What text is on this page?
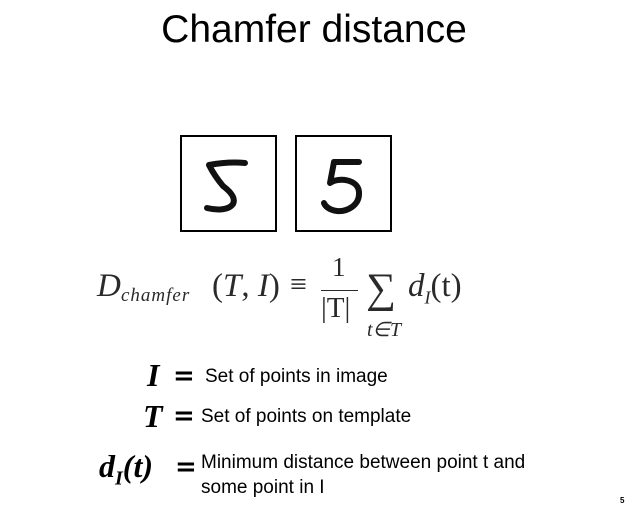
Chamfer distance
D chamfer (T, I) ≡
1
|T| ∑
t∈T
$d_I(t)$
I = Set of points in image
T = Set of points on template
$d_I(t)$ = Minimum distance between point t and
some point in I
5
